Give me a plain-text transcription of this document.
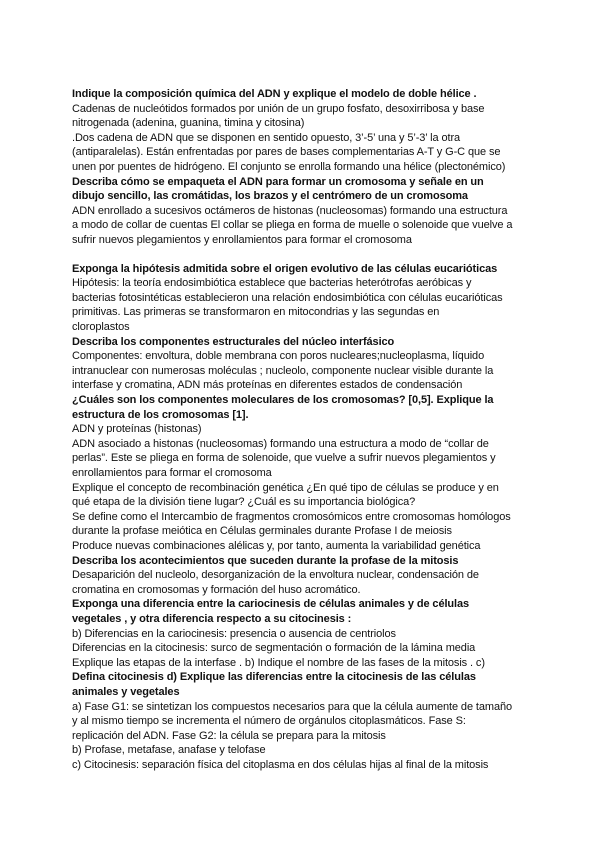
Indique la composición química del ADN y explique el modelo de doble hélice .
Cadenas de nucleótidos formados por unión de un grupo fosfato, desoxirribosa y base
nitrogenada (adenina, guanina, timina y citosina)
.Dos cadena de ADN que se disponen en sentido opuesto, 3’-5’ una y 5’-3’ la otra
(antiparalelas). Están enfrentadas por pares de bases complementarias A-T y G-C que se
unen por puentes de hidrógeno. El conjunto se enrolla formando una hélice (plectonémico)
Describa cómo se empaqueta el ADN para formar un cromosoma y señale en un
dibujo sencillo, las cromátidas, los brazos y el centrómero de un cromosoma
ADN enrollado a sucesivos octámeros de histonas (nucleosomas) formando una estructura
a modo de collar de cuentas El collar se pliega en forma de muelle o solenoide que vuelve a
sufrir nuevos plegamientos y enrollamientos para formar el cromosoma
Exponga la hipótesis admitida sobre el origen evolutivo de las células eucarióticas
Hipótesis: la teoría endosimbiótica establece que bacterias heterótrofas aeróbicas y
bacterias fotosintéticas establecieron una relación endosimbiótica con células eucarióticas
primitivas. Las primeras se transformaron en mitocondrias y las segundas en
cloroplastos
Describa los componentes estructurales del núcleo interfásico
Componentes: envoltura, doble membrana con poros nucleares;nucleoplasma, líquido
intranuclear con numerosas moléculas ; nucleolo, componente nuclear visible durante la
interfase y cromatina, ADN más proteínas en diferentes estados de condensación
¿Cuáles son los componentes moleculares de los cromosomas? [0,5]. Explique la
estructura de los cromosomas [1].
ADN y proteínas (histonas)
ADN asociado a histonas (nucleosomas) formando una estructura a modo de “collar de
perlas”. Este se pliega en forma de solenoide, que vuelve a sufrir nuevos plegamientos y
enrollamientos para formar el cromosoma
Explique el concepto de recombinación genética ¿En qué tipo de células se produce y en
qué etapa de la división tiene lugar? ¿Cuál es su importancia biológica?
Se define como el Intercambio de fragmentos cromosómicos entre cromosomas homólogos
durante la profase meiótica en Células germinales durante Profase I de meiosis
Produce nuevas combinaciones alélicas y, por tanto, aumenta la variabilidad genética
Describa los acontecimientos que suceden durante la profase de la mitosis
Desaparición del nucleolo, desorganización de la envoltura nuclear, condensación de
cromatina en cromosomas y formación del huso acromático.
Exponga una diferencia entre la cariocinesis de células animales y de células
vegetales , y otra diferencia respecto a su citocinesis :
b) Diferencias en la cariocinesis: presencia o ausencia de centriolos
Diferencias en la citocinesis: surco de segmentación o formación de la lámina media
Explique las etapas de la interfase . b) Indique el nombre de las fases de la mitosis . c)
Defina citocinesis d) Explique las diferencias entre la citocinesis de las células
animales y vegetales
a) Fase G1: se sintetizan los compuestos necesarios para que la célula aumente de tamaño
y al mismo tiempo se incrementa el número de orgánulos citoplasmáticos. Fase S:
replicación del ADN. Fase G2: la célula se prepara para la mitosis
b) Profase, metafase, anafase y telofase
c) Citocinesis: separación física del citoplasma en dos células hijas al final de la mitosis
